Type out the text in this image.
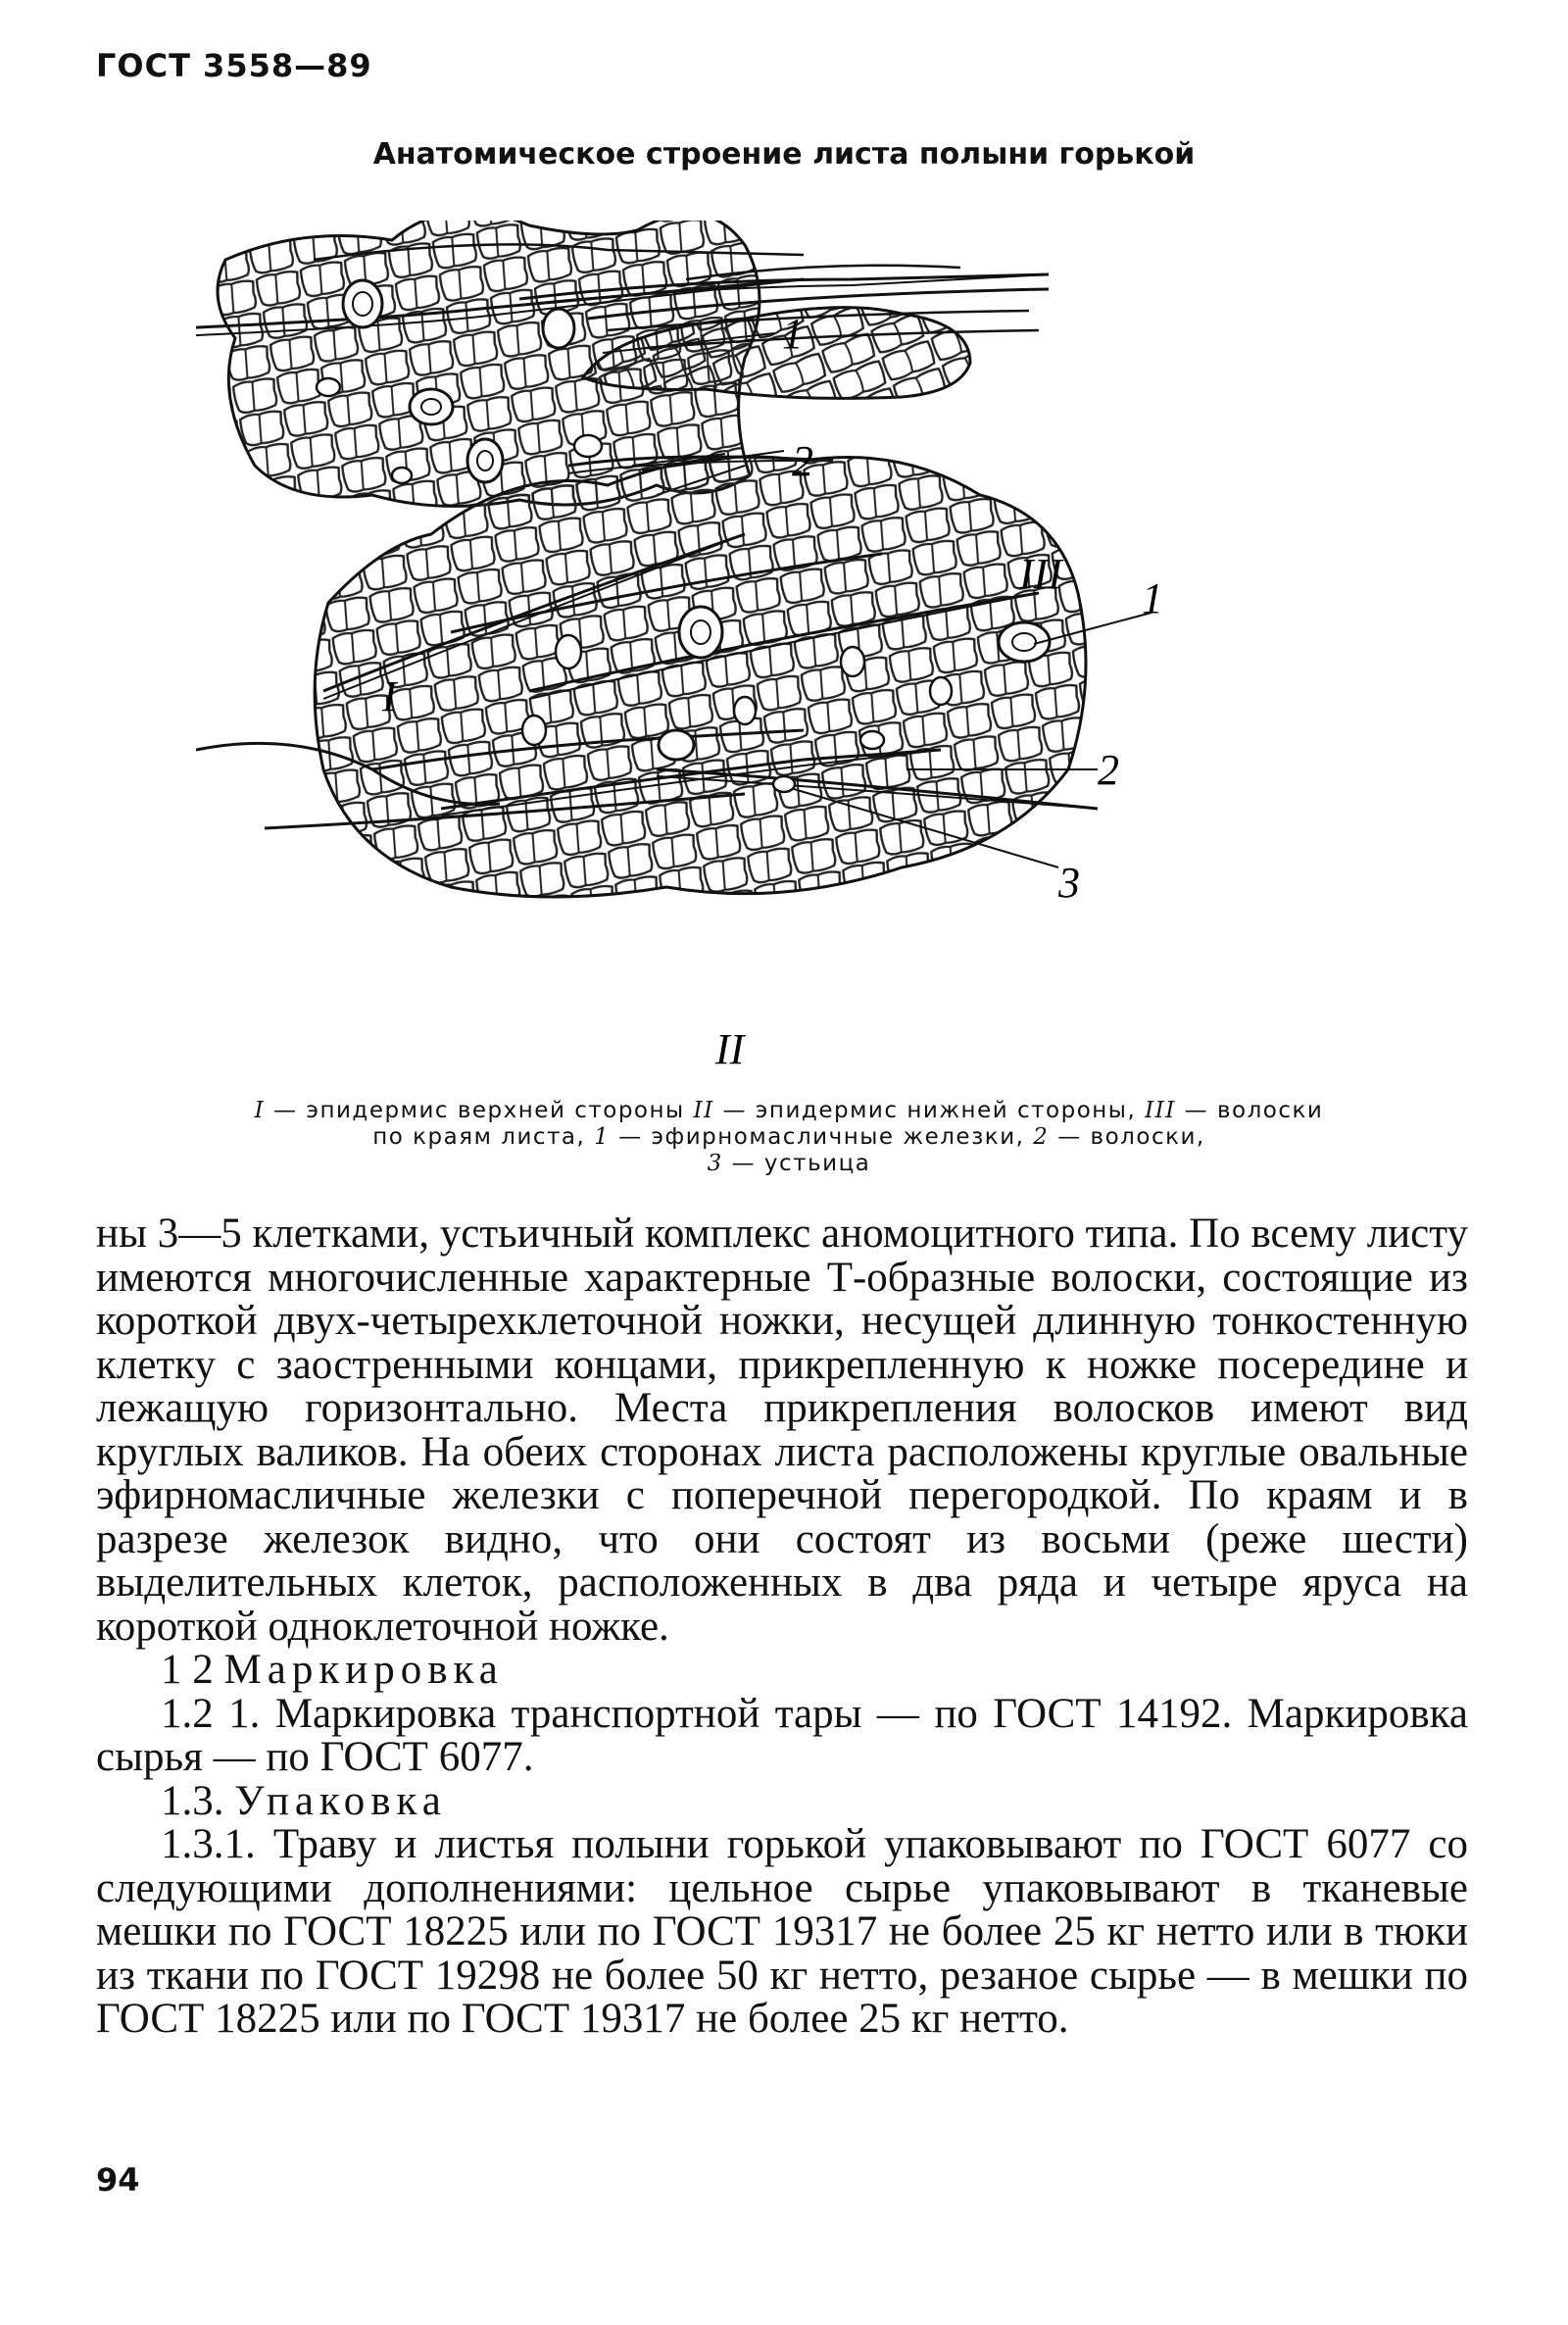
ГОСТ 3558—89
Анатомическое строение листа полыни горькой
I
III
II
1
2
1
2
3
I — эпидермис верхней стороны II — эпидермис нижней стороны, III — волоски по краям листа, 1 — эфирномасличные железки, 2 — волоски,
3 — устьица

ны 3—5 клетками, устьичный комплекс аномоцитного типа. По всему листу имеются многочисленные характерные Т-образные волоски, состоящие из короткой двух-четырехклеточной ножки, несущей длинную тонкостенную клетку с заостренными концами, прикрепленную к ножке посередине и лежащую горизонтально. Места прикрепления волосков имеют вид круглых валиков. На обеих сторонах листа расположены круглые овальные эфирномасличные железки с поперечной перегородкой. По краям и в разрезе железок видно, что они состоят из восьми (реже шести) выделительных клеток, расположенных в два ряда и четыре яруса на короткой одноклеточной ножке.

1 2 Маркировка

1.2 1. Маркировка транспортной тары — по ГОСТ 14192. Маркировка сырья — по ГОСТ 6077.

1.3. Упаковка

1.3.1. Траву и листья полыни горькой упаковывают по ГОСТ 6077 со следующими дополнениями: цельное сырье упаковывают в тканевые мешки по ГОСТ 18225 или по ГОСТ 19317 не более 25 кг нетто или в тюки из ткани по ГОСТ 19298 не более 50 кг нетто, резаное сырье — в мешки по ГОСТ 18225 или по ГОСТ 19317 не более 25 кг нетто.

94
